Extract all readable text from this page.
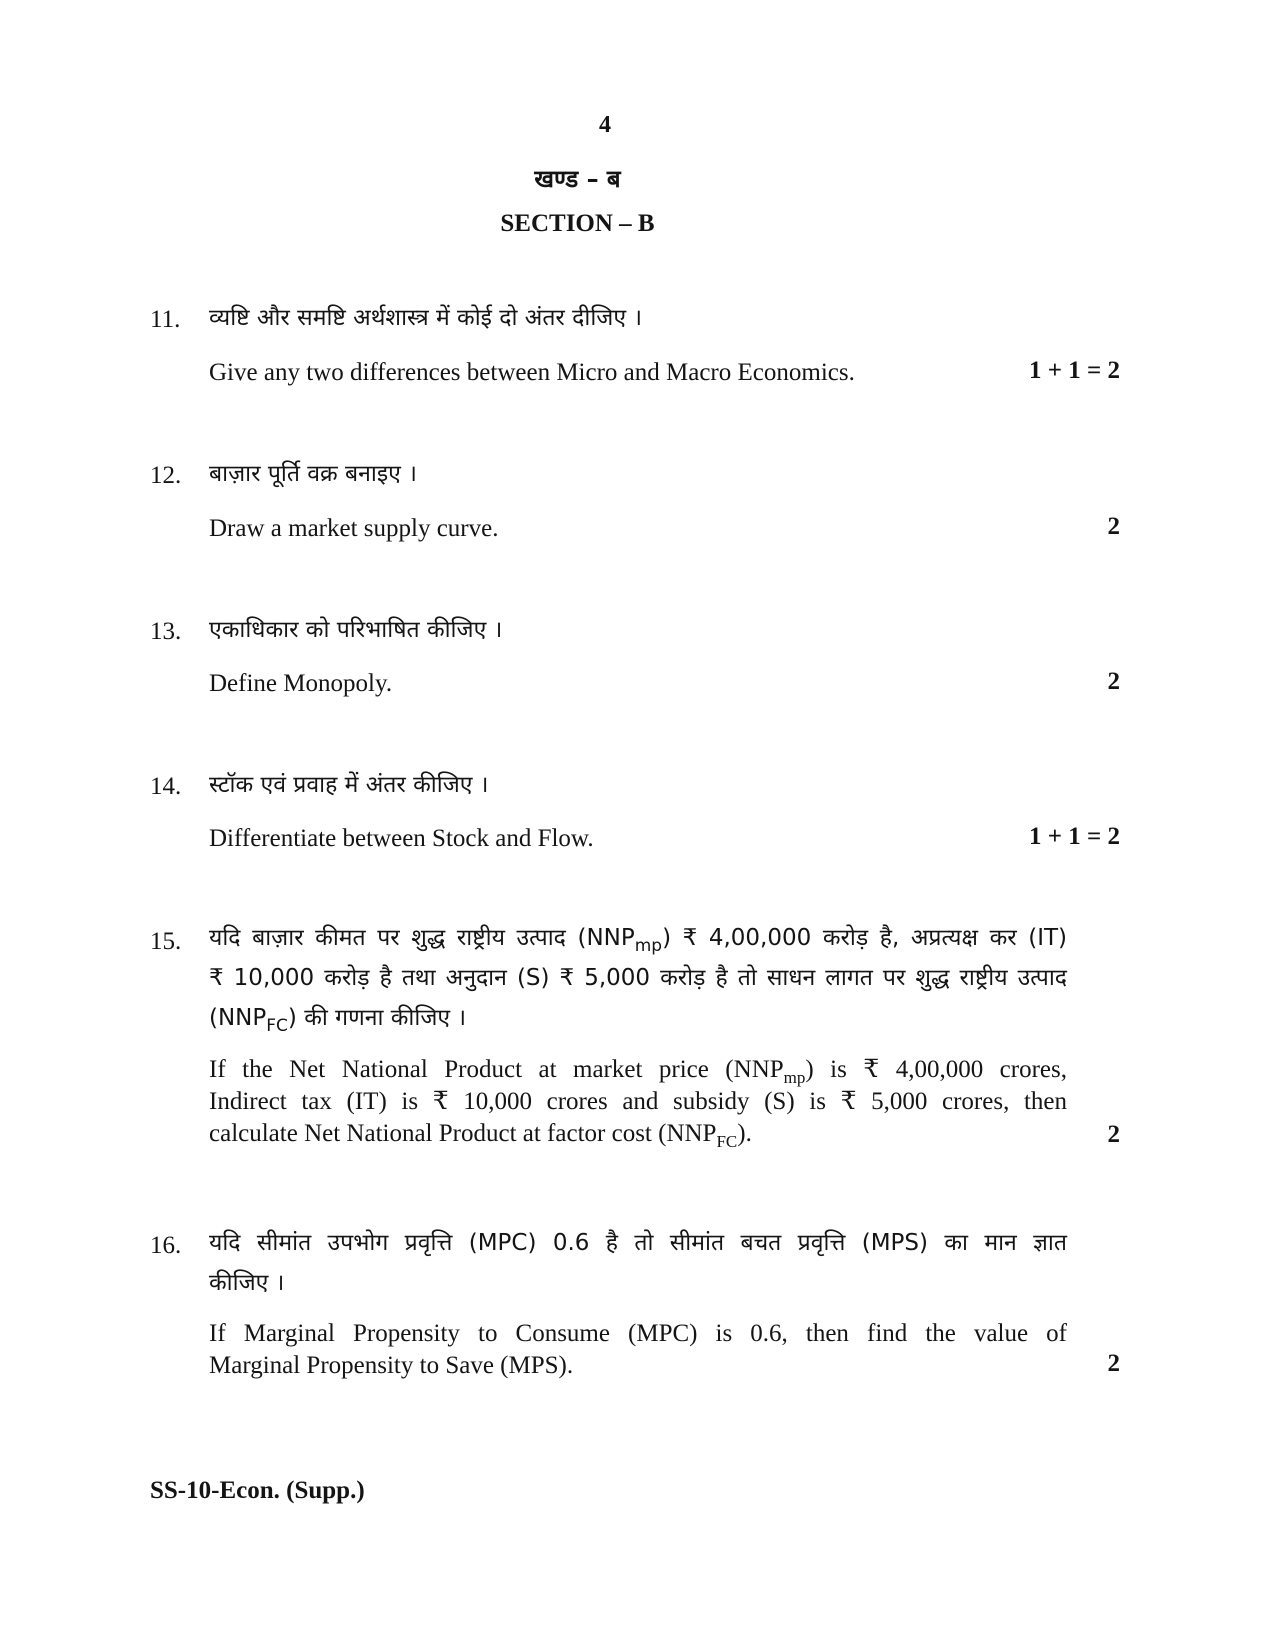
4
खण्ड – ब
SECTION – B
11. व्यष्टि और समष्टि अर्थशास्त्र में कोई दो अंतर दीजिए ।
Give any two differences between Micro and Macro Economics.	1 + 1 = 2
12. बाज़ार पूर्ति वक्र बनाइए ।
Draw a market supply curve.	2
13. एकाधिकार को परिभाषित कीजिए ।
Define Monopoly.	2
14. स्टॉक एवं प्रवाह में अंतर कीजिए ।
Differentiate between Stock and Flow.	1 + 1 = 2
15. यदि बाज़ार कीमत पर शुद्ध राष्ट्रीय उत्पाद $(NNP_{mp})$ ₹ 4,00,000 करोड़ है, अप्रत्यक्ष कर (IT)
₹ 10,000 करोड़ है तथा अनुदान (S) ₹ 5,000 करोड़ है तो साधन लागत पर शुद्ध राष्ट्रीय उत्पाद
$(NNP_{FC})$ की गणना कीजिए ।
If the Net National Product at market price $(NNP_{mp})$ is ₹ 4,00,000 crores,
Indirect tax (IT) is ₹ 10,000 crores and subsidy (S) is ₹ 5,000 crores, then
calculate Net National Product at factor cost $(NNP_{FC})$.	2
16. यदि सीमांत उपभोग प्रवृत्ति (MPC) 0.6 है तो सीमांत बचत प्रवृत्ति (MPS) का मान ज्ञात
कीजिए ।
If Marginal Propensity to Consume (MPC) is 0.6, then find the value of
Marginal Propensity to Save (MPS).	2
SS-10-Econ. (Supp.)
